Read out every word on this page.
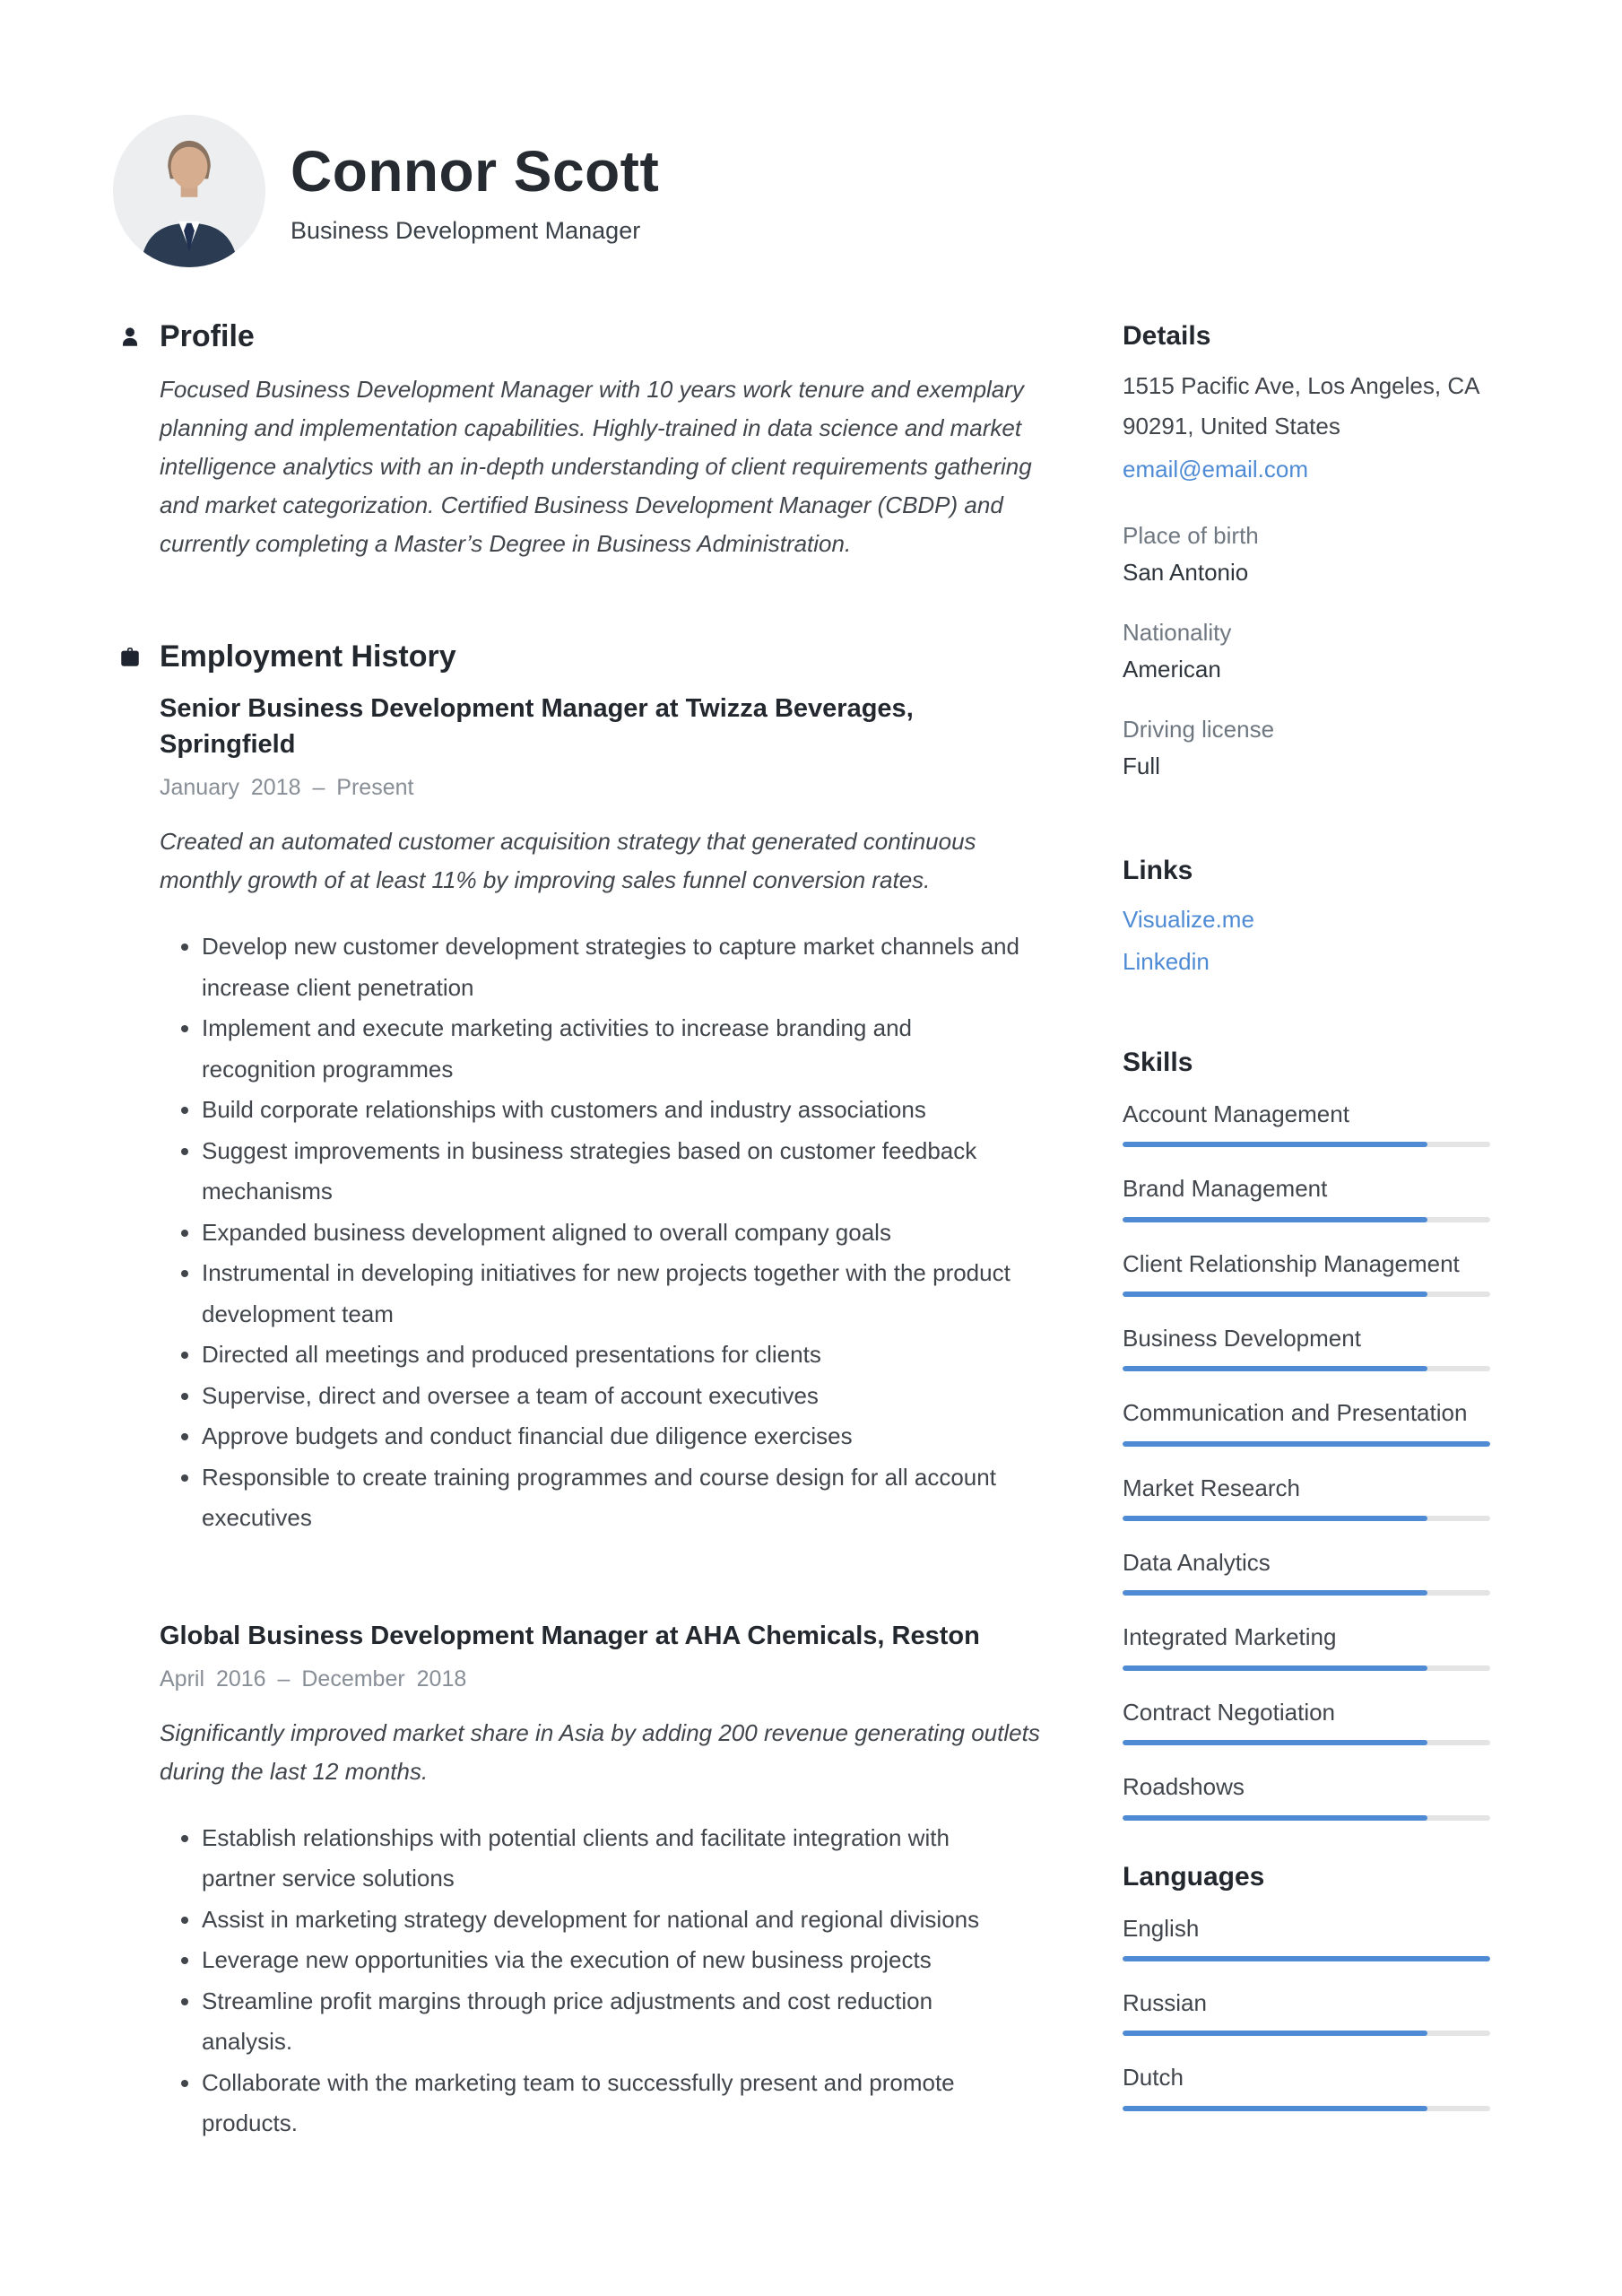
Connor Scott
Business Development Manager
Profile

Focused Business Development Manager with 10 years work tenure and exemplary planning and implementation capabilities. Highly-trained in data science and market intelligence analytics with an in-depth understanding of client requirements gathering and market categorization. Certified Business Development Manager (CBDP) and currently completing a Master’s Degree in Business Administration.

Employment History
Senior Business Development Manager at Twizza Beverages, Springfield
January 2018 – Present

Created an automated customer acquisition strategy that generated continuous monthly growth of at least 11% by improving sales funnel conversion rates.

• Develop new customer development strategies to capture market channels and increase client penetration
• Implement and execute marketing activities to increase branding and recognition programmes
• Build corporate relationships with customers and industry associations
• Suggest improvements in business strategies based on customer feedback mechanisms
• Expanded business development aligned to overall company goals
• Instrumental in developing initiatives for new projects together with the product development team
• Directed all meetings and produced presentations for clients
• Supervise, direct and oversee a team of account executives
• Approve budgets and conduct financial due diligence exercises
• Responsible to create training programmes and course design for all account executives
Global Business Development Manager at AHA Chemicals, Reston
April 2016 – December 2018

Significantly improved market share in Asia by adding 200 revenue generating outlets during the last 12 months.

• Establish relationships with potential clients and facilitate integration with partner service solutions
• Assist in marketing strategy development for national and regional divisions
• Leverage new opportunities via the execution of new business projects
• Streamline profit margins through price adjustments and cost reduction analysis.
• Collaborate with the marketing team to successfully present and promote products.
Details
1515 Pacific Ave, Los Angeles, CA 90291, United States
email@email.com
Place of birth
San Antonio
Nationality
American
Driving license
Full
Links
Visualize.me
Linkedin
Skills
Account Management
Brand Management
Client Relationship Management
Business Development
Communication and Presentation
Market Research
Data Analytics
Integrated Marketing
Contract Negotiation
Roadshows
Languages
English
Russian
Dutch
